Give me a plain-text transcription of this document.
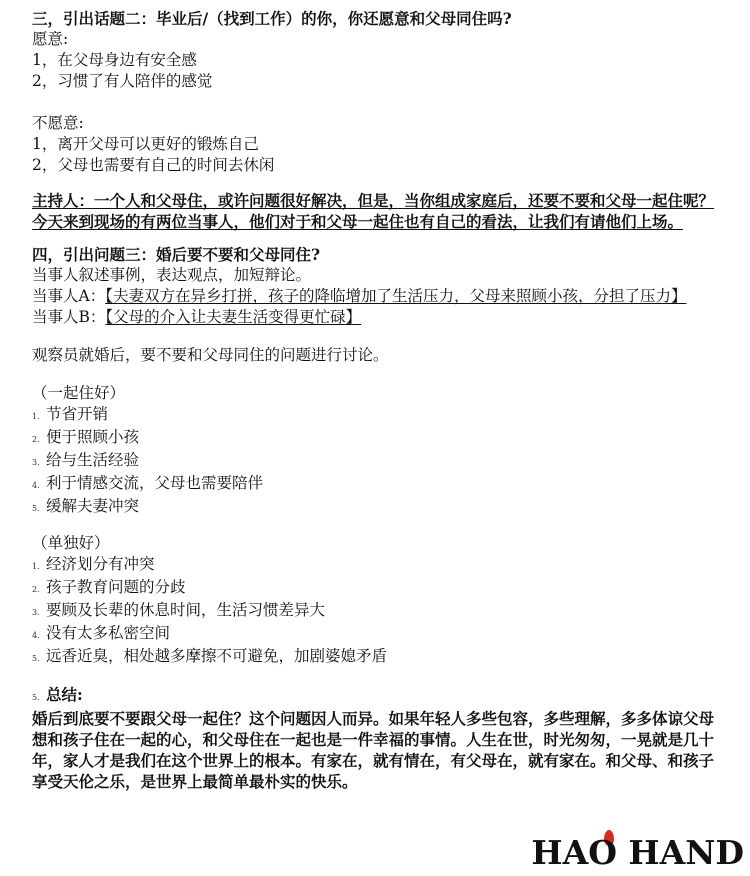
三，引出话题二：毕业后/（找到工作）的你，你还愿意和父母同住吗?
愿意:
1，在父母身边有安全感
2，习惯了有人陪伴的感觉
不愿意:
1，离开父母可以更好的锻炼自己
2，父母也需要有自己的时间去休闲
主持人：一个人和父母住，或许问题很好解决，但是，当你组成家庭后，还要不要和父母一起住呢？今天来到现场的有两位当事人，他们对于和父母一起住也有自己的看法，让我们有请他们上场。
四，引出问题三：婚后要不要和父母同住?
当事人叙述事例，表达观点，加短辩论。
当事人A：【夫妻双方在异乡打拼，孩子的降临增加了生活压力，父母来照顾小孩，分担了压力】
当事人B：【父母的介入让夫妻生活变得更忙碌】
观察员就婚后，要不要和父母同住的问题进行讨论。
（一起住好）
1. 节省开销
2. 便于照顾小孩
3. 给与生活经验
4. 利于情感交流，父母也需要陪伴
5. 缓解夫妻冲突
（单独好）
1. 经济划分有冲突
2. 孩子教育问题的分歧
3. 要顾及长辈的休息时间，生活习惯差异大
4. 没有太多私密空间
5. 远香近臭，相处越多摩擦不可避免，加剧婆媳矛盾
5. 总结:
婚后到底要不要跟父母一起住？这个问题因人而异。如果年轻人多些包容，多些理解，多多体谅父母想和孩子住在一起的心，和父母住在一起也是一件幸福的事情。人生在世，时光匆匆，一晃就是几十年，家人才是我们在这个世界上的根本。有家在，就有情在，有父母在，就有家在。和父母、和孩子享受天伦之乐，是世界上最简单最朴实的快乐。
HAO HAND
